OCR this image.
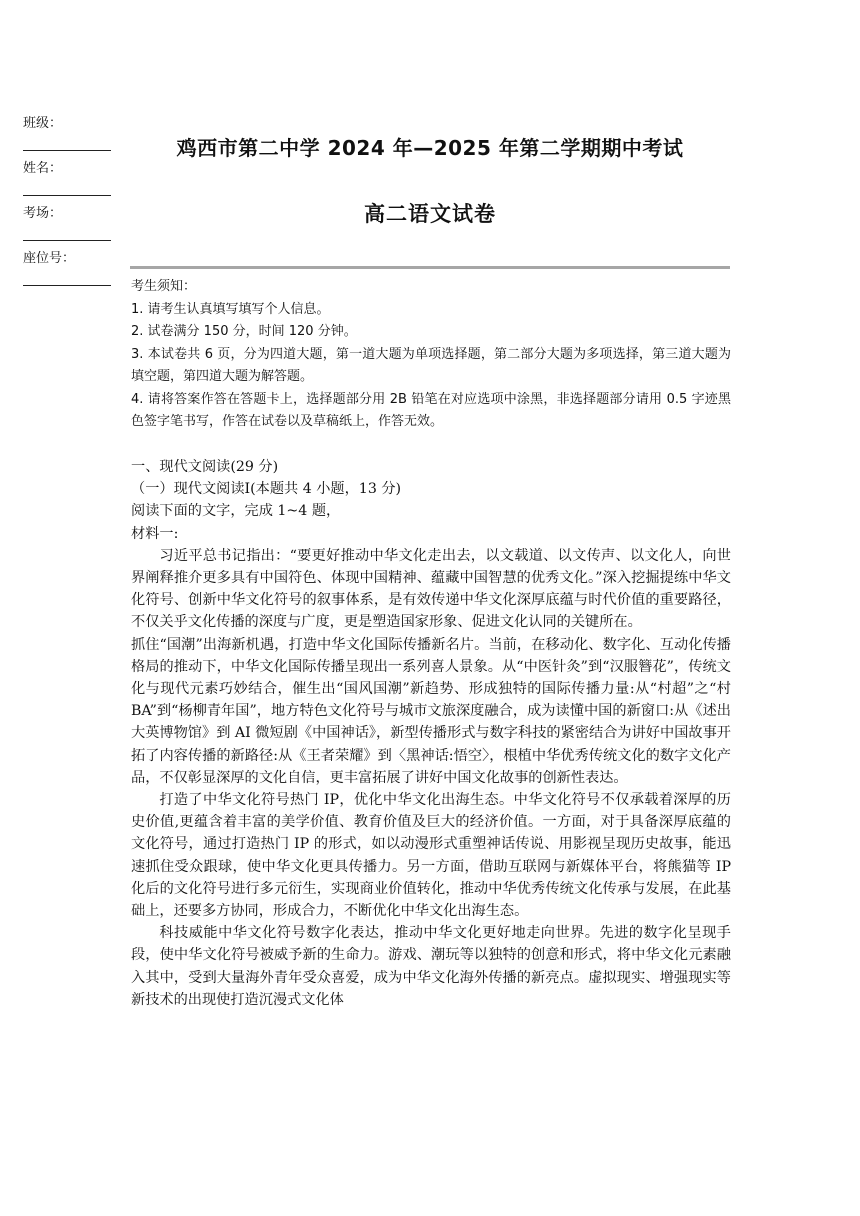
班级：
姓名：
考场：
座位号：
鸡西市第二中学 2024 年—2025 年第二学期期中考试
高二语文试卷

考生须知：

1. 请考生认真填写填写个人信息。

2. 试卷满分 150 分，时间 120 分钟。

3. 本试卷共 6 页，分为四道大题，第一道大题为单项选择题，第二部分大题为多项选择，第三道大题为填空题，第四道大题为解答题。

4. 请将答案作答在答题卡上，选择题部分用 2B 铅笔在对应选项中涂黑，非选择题部分请用 0.5 字迹黑色签字笔书写，作答在试卷以及草稿纸上，作答无效。

一、现代文阅读(29 分)

（一）现代文阅读Ⅰ(本题共 4 小题，13 分)

阅读下面的文字，完成 1~4 题，

材料一:

习近平总书记指出：“要更好推动中华文化走出去，以文载道、以文传声、以文化人，向世界阐释推介更多具有中国符色、体现中国精神、蕴藏中国智慧的优秀文化。”深入挖掘提练中华文化符号、创新中华文化符号的叙事体系，是有效传递中华文化深厚底蕴与时代价值的重要路径，不仅关乎文化传播的深度与广度，更是塑造国家形象、促进文化认同的关键所在。

抓住“国潮”出海新机遇，打造中华文化国际传播新名片。当前，在移动化、数字化、互动化传播格局的推动下，中华文化国际传播呈现出一系列喜人景象。从“中医针灸”到“汉服簪花”，传统文化与现代元素巧妙结合，催生出“国风国潮”新趋势、形成独特的国际传播力量:从“村超”之“村 BA”到“杨柳青年国”，地方特色文化符号与城市文旅深度融合，成为读懂中国的新窗口:从《述出大英博物馆》到 AI 微短剧《中国神话》，新型传播形式与数字科技的紧密结合为讲好中国故事开拓了内容传播的新路径:从《王者荣耀》到〈黑神话:悟空〉，根植中华优秀传统文化的数字文化产品，不仅彰显深厚的文化自信，更丰富拓展了讲好中国文化故事的创新性表达。

打造了中华文化符号热门 IP，优化中华文化出海生态。中华文化符号不仅承载着深厚的历史价值,更蕴含着丰富的美学价值、教育价值及巨大的经济价值。一方面，对于具备深厚底蕴的文化符号，通过打造热门 IP 的形式，如以动漫形式重塑神话传说、用影视呈现历史故事，能迅速抓住受众跟球，使中华文化更具传播力。另一方面，借助互联网与新媒体平台，将熊猫等 IP 化后的文化符号进行多元衍生，实现商业价值转化，推动中华优秀传统文化传承与发展，在此基础上，还要多方协同，形成合力，不断优化中华文化出海生态。

科技威能中华文化符号数字化表达，推动中华文化更好地走向世界。先进的数字化呈现手段，使中华文化符号被威予新的生命力。游戏、潮玩等以独特的创意和形式，将中华文化元素融入其中，受到大量海外青年受众喜爱，成为中华文化海外传播的新亮点。虚拟现实、增强现实等新技术的出现使打造沉漫式文化体
